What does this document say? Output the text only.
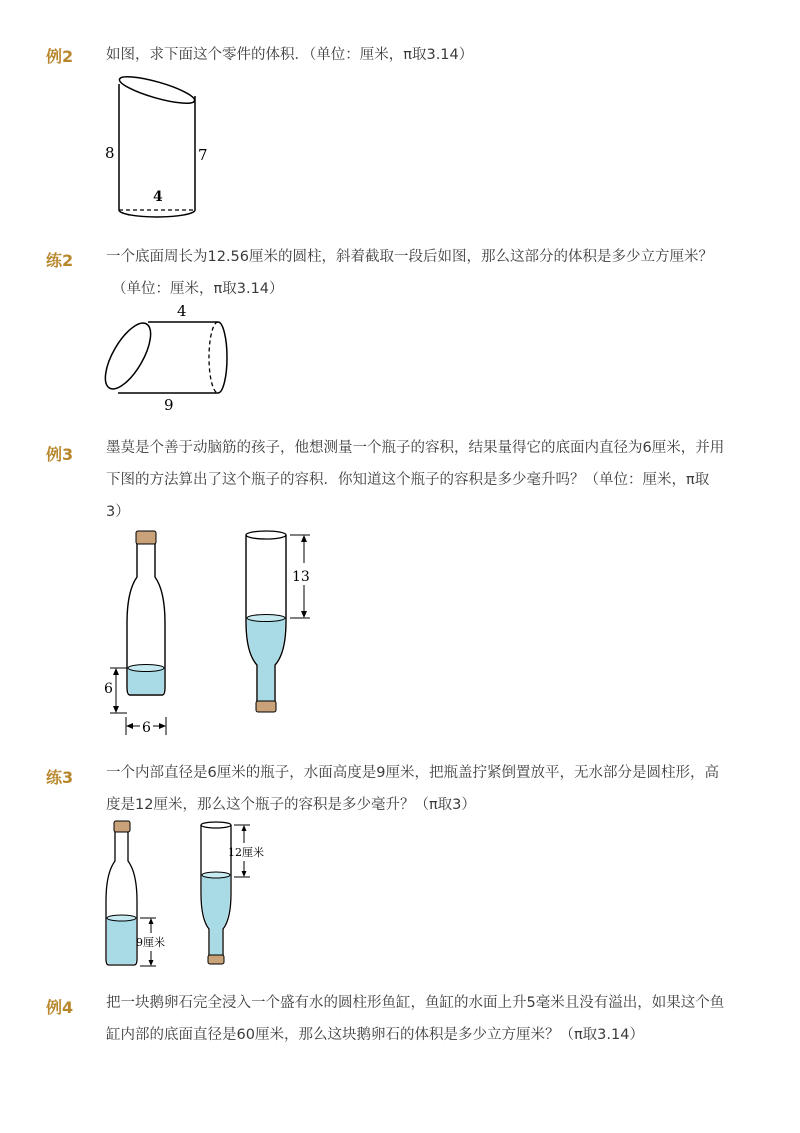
例2 如图，求下面这个零件的体积．（单位：厘米，π取3.14）
8	7
4
练2 一个底面周长为12.56厘米的圆柱，斜着截取一段后如图，那么这部分的体积是多少立方厘米？
（单位：厘米，π取3.14）
4
9
例3 墨莫是个善于动脑筋的孩子，他想测量一个瓶子的容积，结果量得它的底面内直径为6厘米，并用
下图的方法算出了这个瓶子的容积．你知道这个瓶子的容积是多少毫升吗？（单位：厘米，π取
3）
6
6
13
练3 一个内部直径是6厘米的瓶子，水面高度是9厘米，把瓶盖拧紧倒置放平，无水部分是圆柱形，高
度是12厘米，那么这个瓶子的容积是多少毫升？（π取3）
9厘米
12厘米
例4 把一块鹅卵石完全浸入一个盛有水的圆柱形鱼缸，鱼缸的水面上升5毫米且没有溢出，如果这个鱼
缸内部的底面直径是60厘米，那么这块鹅卵石的体积是多少立方厘米？（π取3.14）
